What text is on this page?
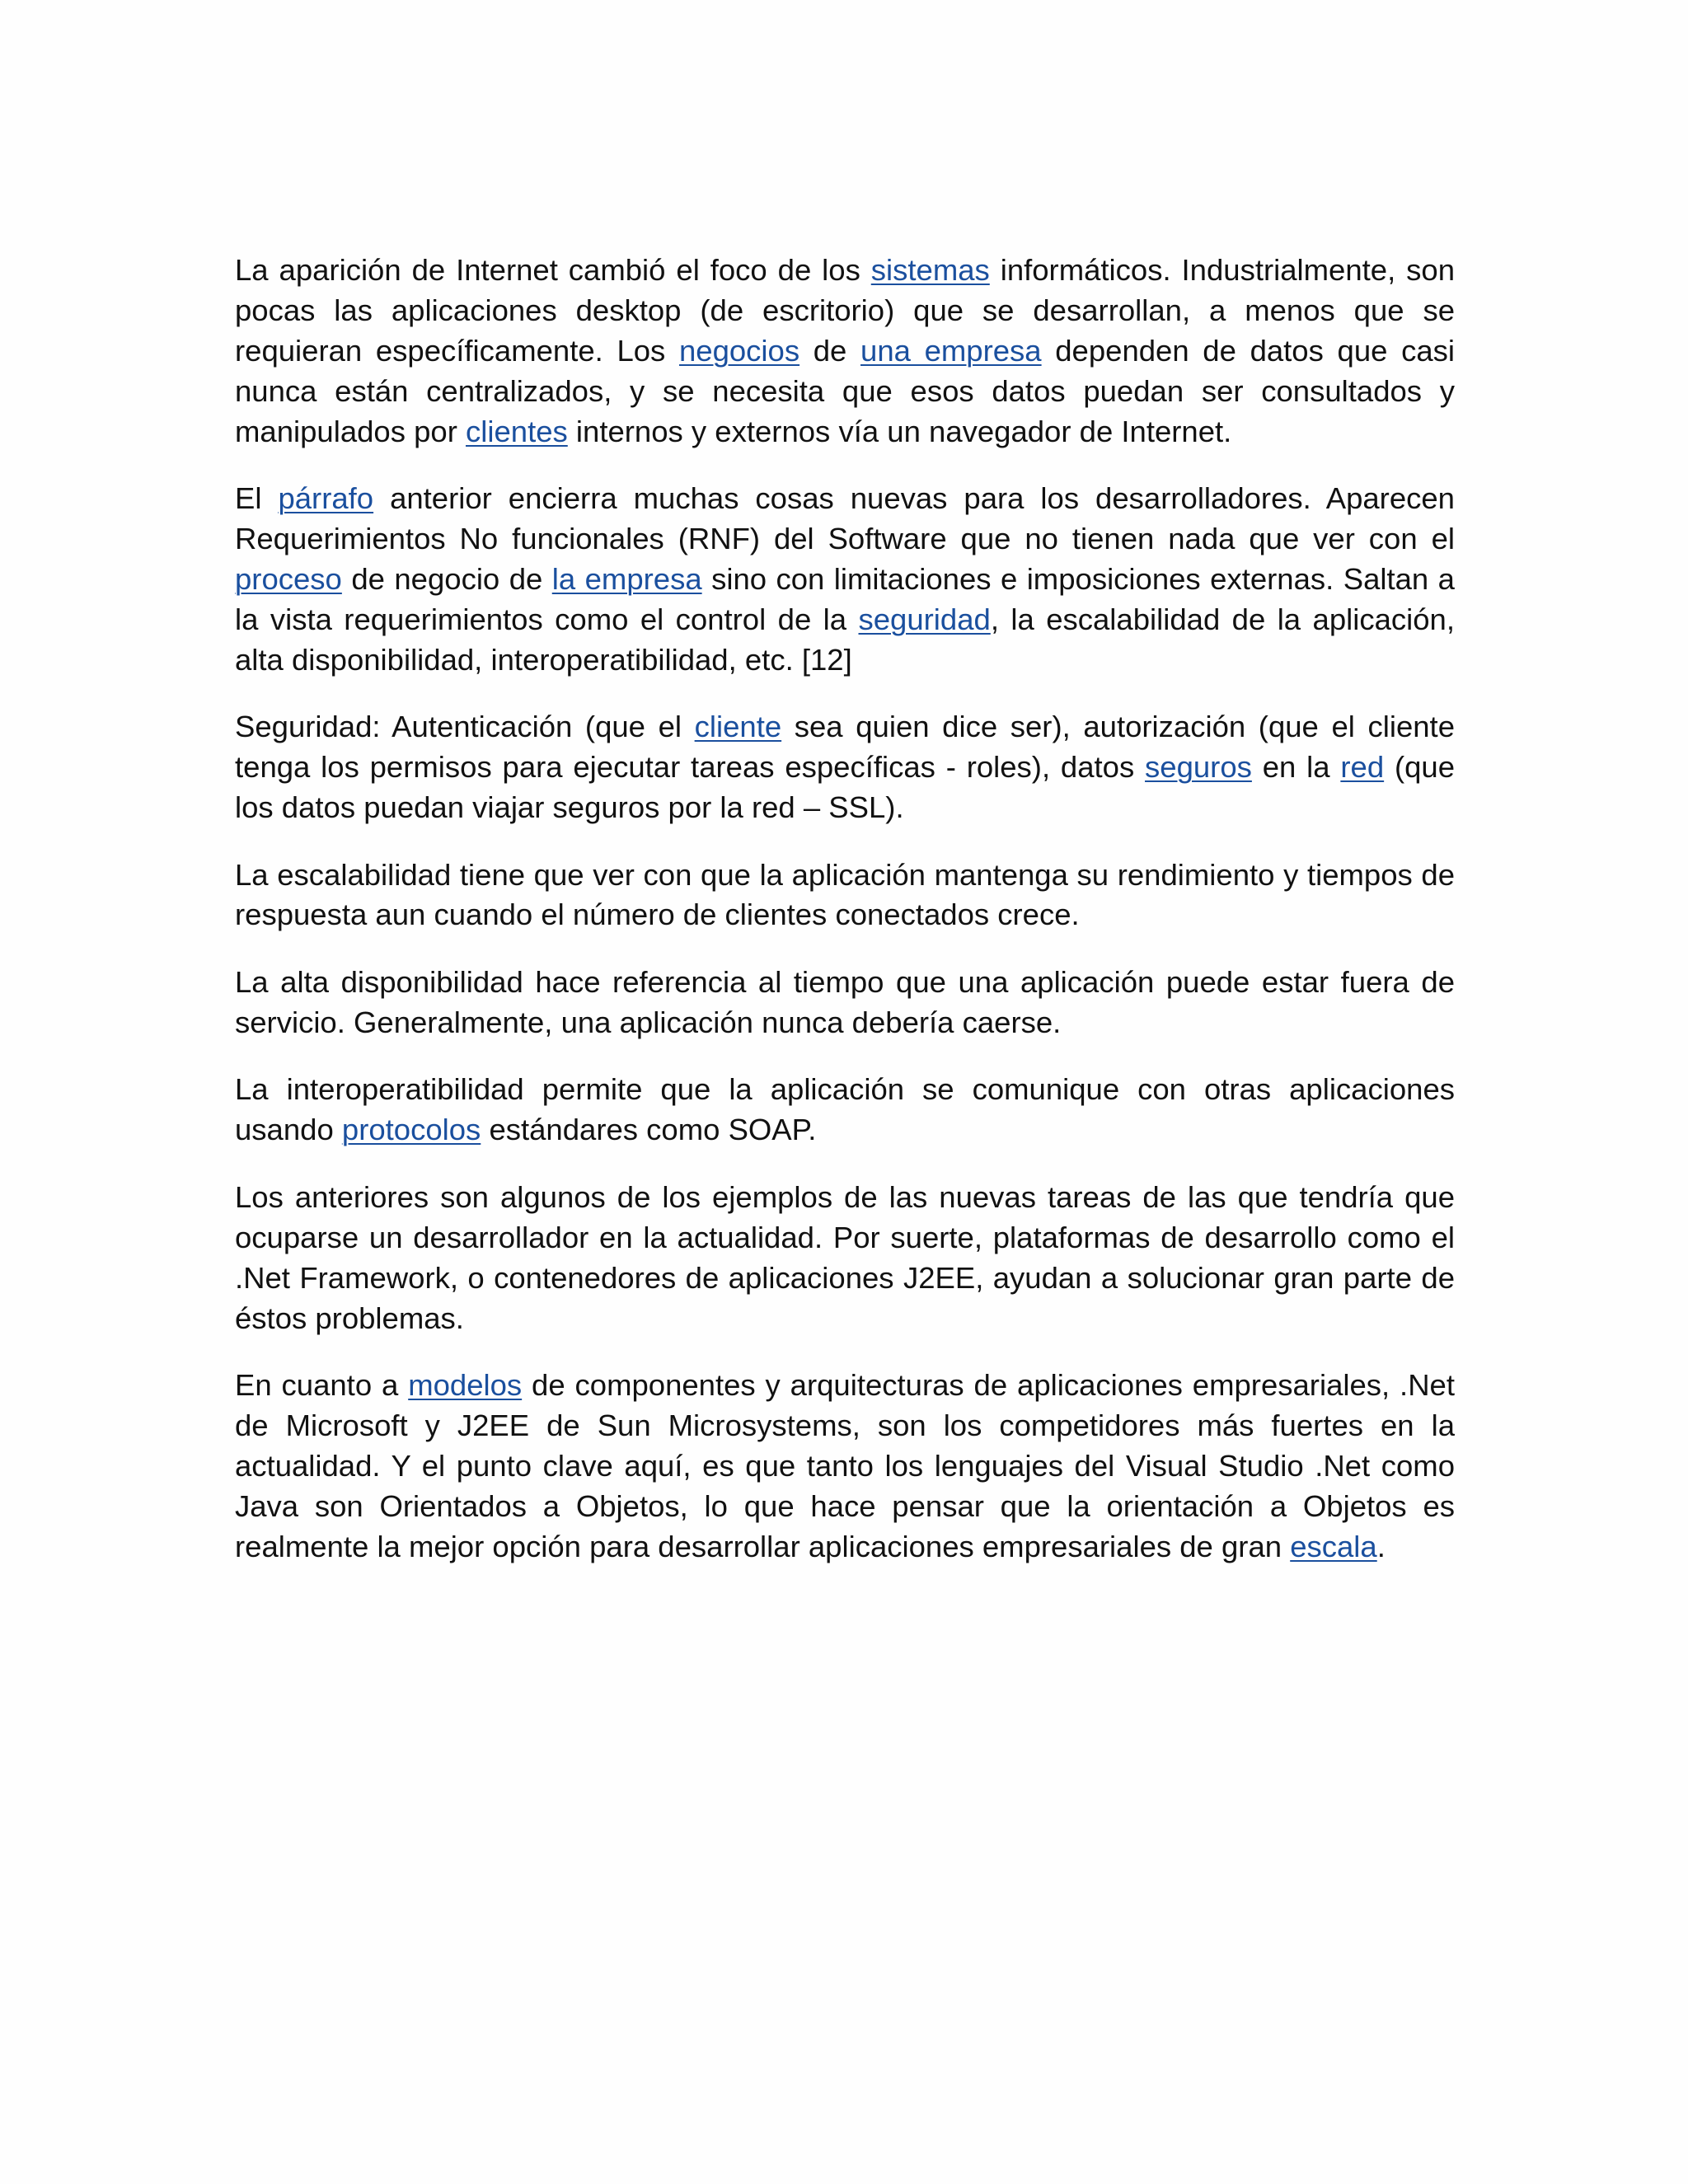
La aparición de Internet cambió el foco de los sistemas informáticos. Industrialmente, son pocas las aplicaciones desktop (de escritorio) que se desarrollan, a menos que se requieran específicamente. Los negocios de una empresa dependen de datos que casi nunca están centralizados, y se necesita que esos datos puedan ser consultados y manipulados por clientes internos y externos vía un navegador de Internet.

El párrafo anterior encierra muchas cosas nuevas para los desarrolladores. Aparecen Requerimientos No funcionales (RNF) del Software que no tienen nada que ver con el proceso de negocio de la empresa sino con limitaciones e imposiciones externas. Saltan a la vista requerimientos como el control de la seguridad, la escalabilidad de la aplicación, alta disponibilidad, interoperatibilidad, etc. [12]

Seguridad: Autenticación (que el cliente sea quien dice ser), autorización (que el cliente tenga los permisos para ejecutar tareas específicas - roles), datos seguros en la red (que los datos puedan viajar seguros por la red – SSL).

La escalabilidad tiene que ver con que la aplicación mantenga su rendimiento y tiempos de respuesta aun cuando el número de clientes conectados crece.

La alta disponibilidad hace referencia al tiempo que una aplicación puede estar fuera de servicio. Generalmente, una aplicación nunca debería caerse.

La interoperatibilidad permite que la aplicación se comunique con otras aplicaciones usando protocolos estándares como SOAP.

Los anteriores son algunos de los ejemplos de las nuevas tareas de las que tendría que ocuparse un desarrollador en la actualidad. Por suerte, plataformas de desarrollo como el .Net Framework, o contenedores de aplicaciones J2EE, ayudan a solucionar gran parte de éstos problemas.

En cuanto a modelos de componentes y arquitecturas de aplicaciones empresariales, .Net de Microsoft y J2EE de Sun Microsystems, son los competidores más fuertes en la actualidad. Y el punto clave aquí, es que tanto los lenguajes del Visual Studio .Net como Java son Orientados a Objetos, lo que hace pensar que la orientación a Objetos es realmente la mejor opción para desarrollar aplicaciones empresariales de gran escala.
